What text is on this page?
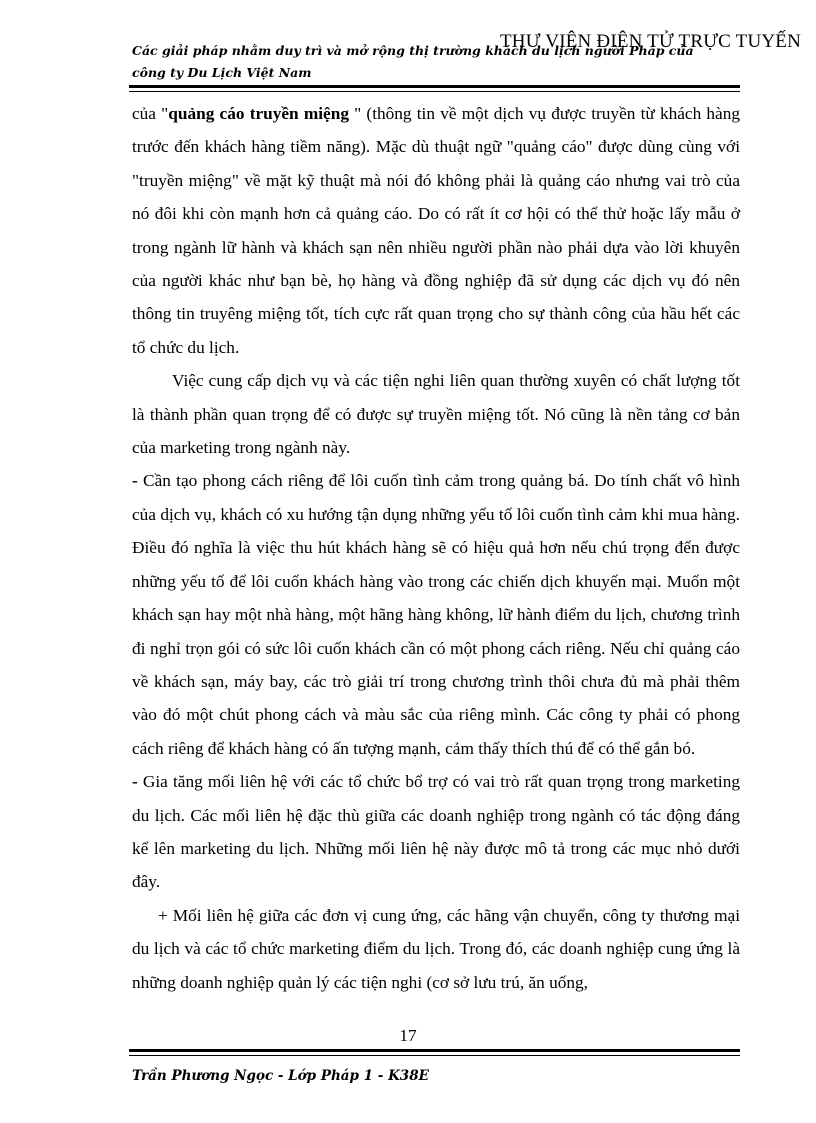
Các giải pháp nhằm duy trì và mở rộng thị trường khách du lịch người Pháp của
công ty Du Lịch Việt Nam
THƯ VIỆN ĐIỆN TỬ TRỰC TUYẾN

của "quảng cáo truyền miệng " (thông tin về một dịch vụ được truyền từ khách hàng trước đến khách hàng tiềm năng). Mặc dù thuật ngữ "quảng cáo" được dùng cùng với "truyền miệng" về mặt kỹ thuật mà nói đó không phải là quảng cáo nhưng vai trò của nó đôi khi còn mạnh hơn cả quảng cáo. Do có rất ít cơ hội có thể thử hoặc lấy mẫu ở trong ngành lữ hành và khách sạn nên nhiều người phần nào phải dựa vào lời khuyên của người khác như bạn bè, họ hàng và đồng nghiệp đã sử dụng các dịch vụ đó nên thông tin truyêng miệng tốt, tích cực rất quan trọng cho sự thành công của hầu hết các tổ chức du lịch.

Việc cung cấp dịch vụ và các tiện nghi liên quan thường xuyên có chất lượng tốt là thành phần quan trọng để có được sự truyền miệng tốt. Nó cũng là nền tảng cơ bản của marketing trong ngành này.

- Cần tạo phong cách riêng để lôi cuốn tình cảm trong quảng bá. Do tính chất vô hình của dịch vụ, khách có xu hướng tận dụng những yếu tố lôi cuốn tình cảm khi mua hàng. Điều đó nghĩa là việc thu hút khách hàng sẽ có hiệu quả hơn nếu chú trọng đến được những yếu tố để lôi cuốn khách hàng vào trong các chiến dịch khuyến mại. Muốn một khách sạn hay một nhà hàng, một hãng hàng không, lữ hành điểm du lịch, chương trình đi nghỉ trọn gói có sức lôi cuốn khách cần có một phong cách riêng. Nếu chỉ quảng cáo về khách sạn, máy bay, các trò giải trí trong chương trình thôi chưa đủ mà phải thêm vào đó một chút phong cách và màu sắc của riêng mình. Các công ty phải có phong cách riêng để khách hàng có ấn tượng mạnh, cảm thấy thích thú để có thể gắn bó.

- Gia tăng mối liên hệ với các tổ chức bổ trợ có vai trò rất quan trọng trong marketing du lịch. Các mối liên hệ đặc thù giữa các doanh nghiệp trong ngành có tác động đáng kể lên marketing du lịch. Những mối liên hệ này được mô tả trong các mục nhỏ dưới đây.

+ Mối liên hệ giữa các đơn vị cung ứng, các hãng vận chuyển, công ty thương mại du lịch và các tổ chức marketing điểm du lịch. Trong đó, các doanh nghiệp cung ứng là những doanh nghiệp quản lý các tiện nghi (cơ sở lưu trú, ăn uống,

17
Trần Phương Ngọc - Lớp Pháp 1 - K38E
